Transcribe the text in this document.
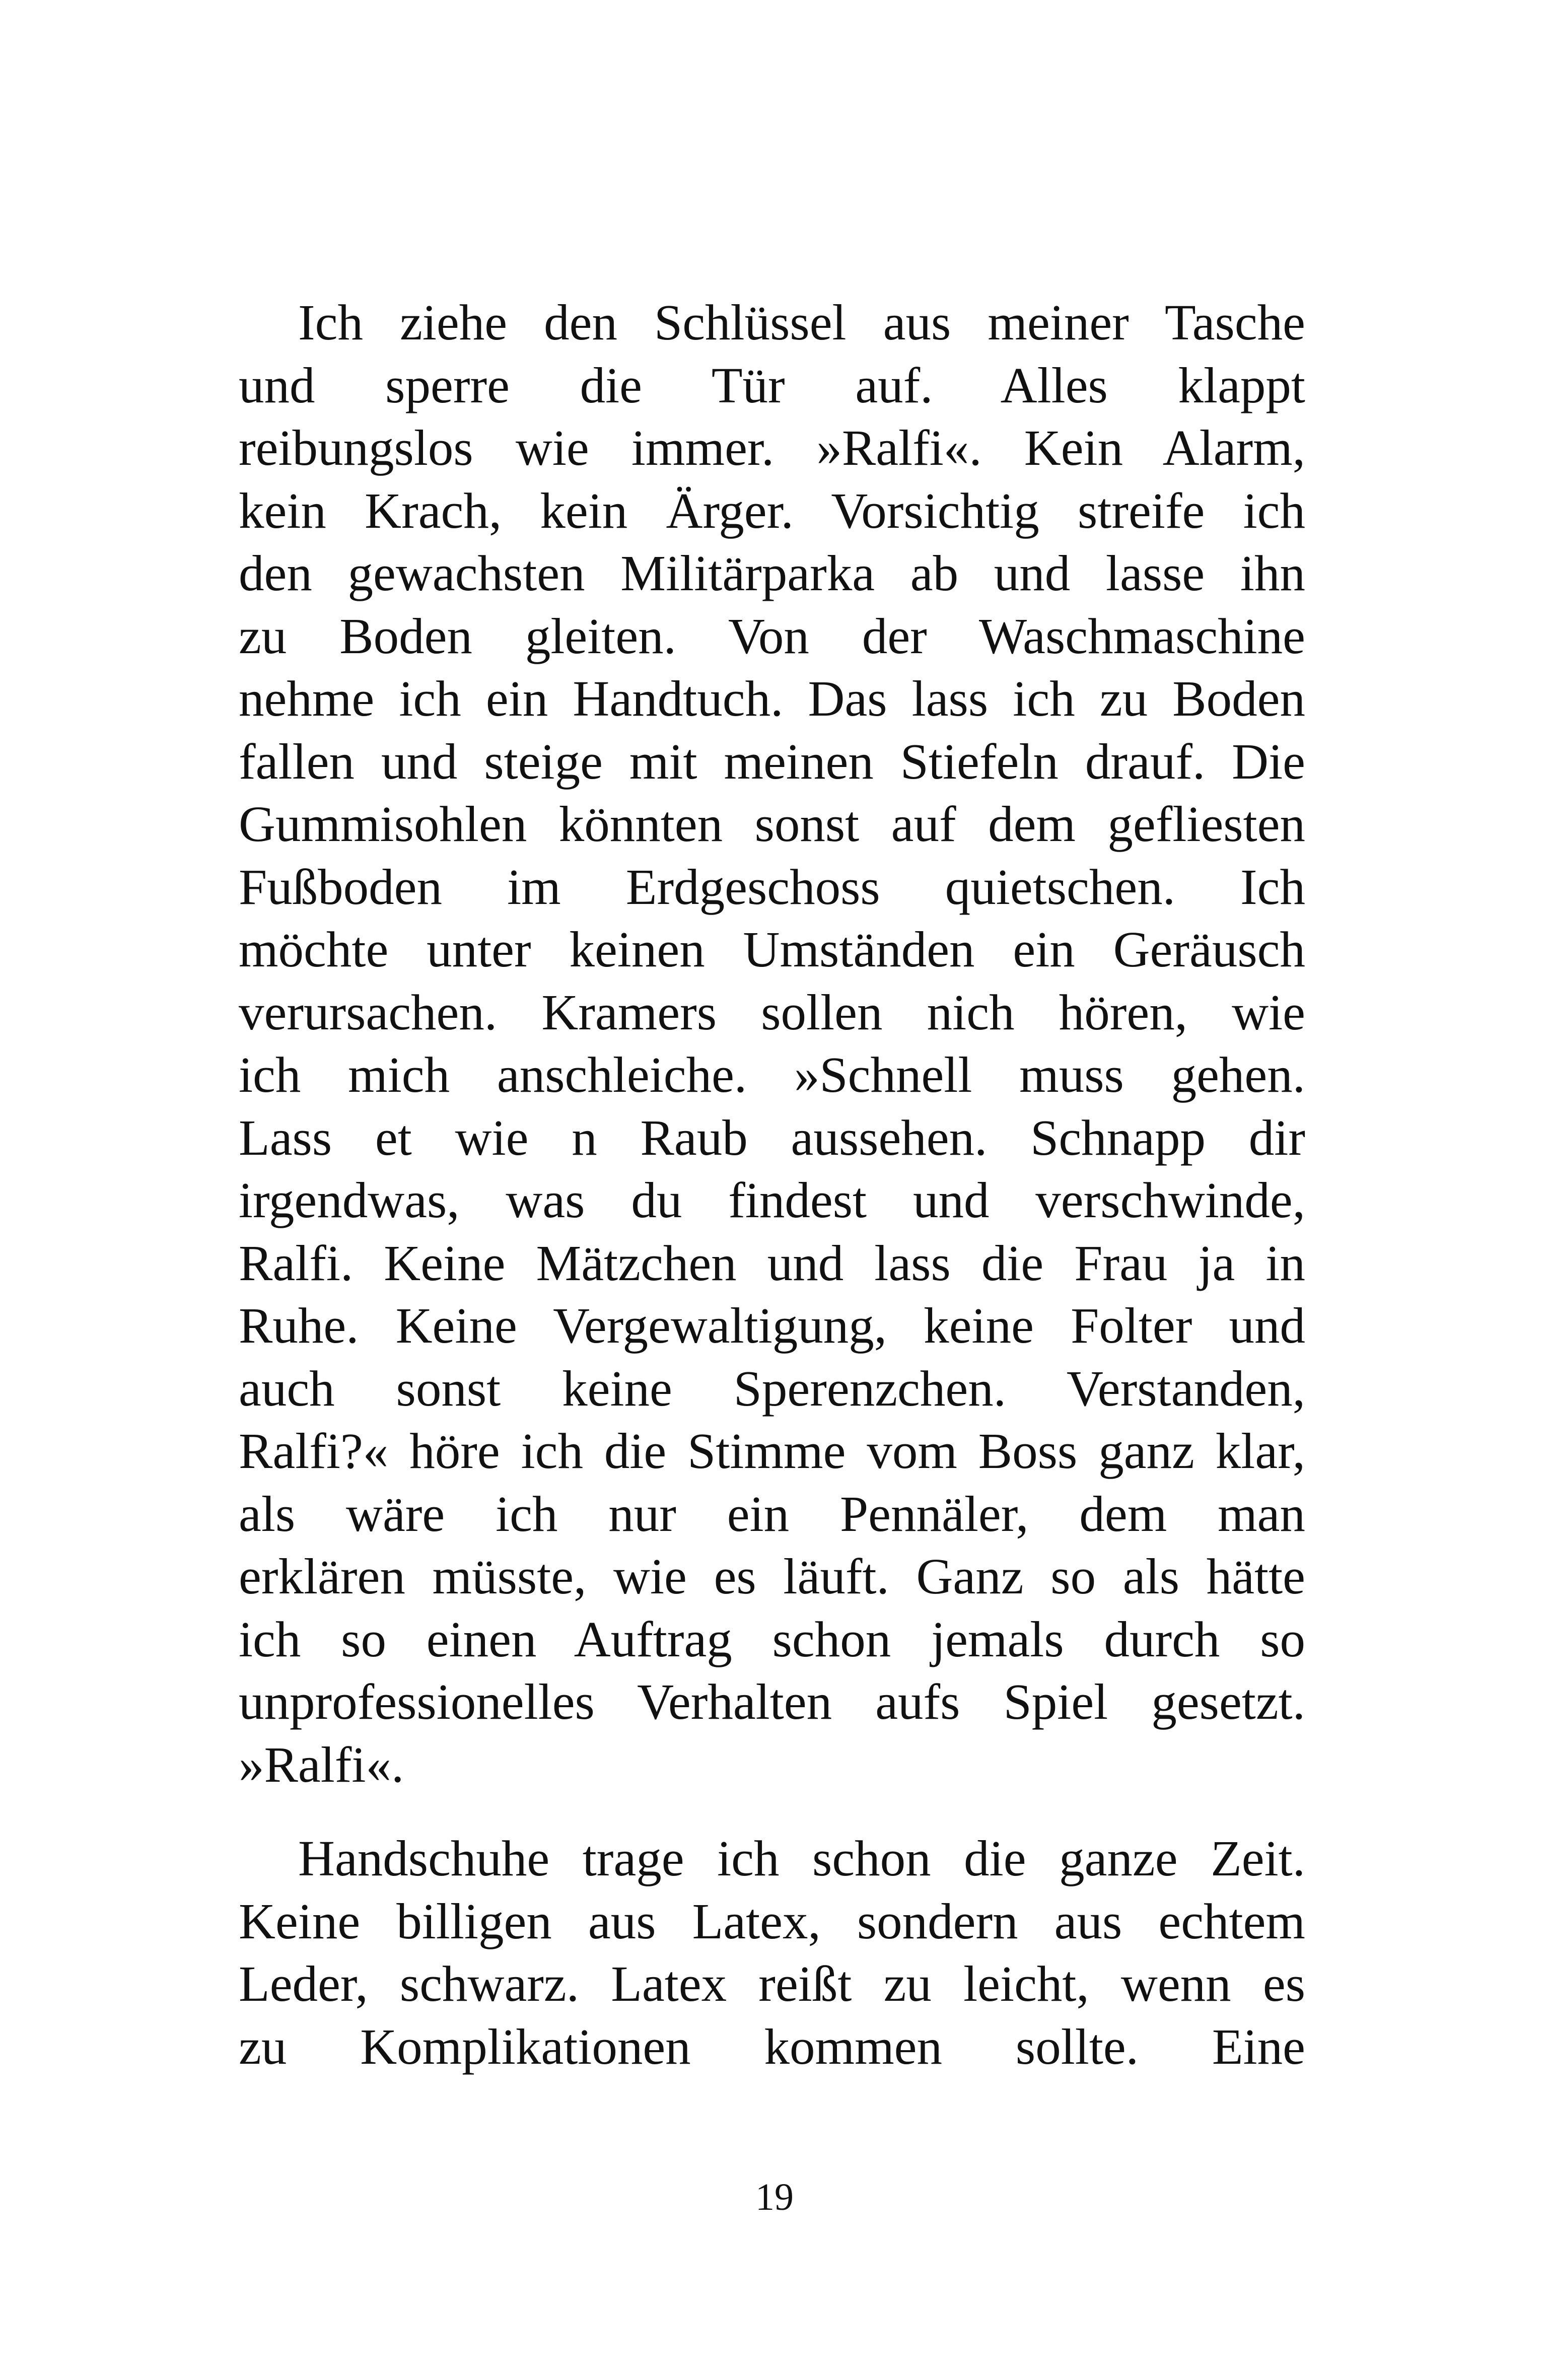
Ich ziehe den Schlüssel aus meiner Tasche
und sperre die Tür auf. Alles klappt
reibungslos wie immer. »Ralfi«. Kein Alarm,
kein Krach, kein Ärger. Vorsichtig streife ich
den gewachsten Militärparka ab und lasse ihn
zu Boden gleiten. Von der Waschmaschine
nehme ich ein Handtuch. Das lass ich zu Boden
fallen und steige mit meinen Stiefeln drauf. Die
Gummisohlen könnten sonst auf dem gefliesten
Fußboden im Erdgeschoss quietschen. Ich
möchte unter keinen Umständen ein Geräusch
verursachen. Kramers sollen nich hören, wie
ich mich anschleiche. »Schnell muss gehen.
Lass et wie n Raub aussehen. Schnapp dir
irgendwas, was du findest und verschwinde,
Ralfi. Keine Mätzchen und lass die Frau ja in
Ruhe. Keine Vergewaltigung, keine Folter und
auch sonst keine Sperenzchen. Verstanden,
Ralfi?« höre ich die Stimme vom Boss ganz klar,
als wäre ich nur ein Pennäler, dem man
erklären müsste, wie es läuft. Ganz so als hätte
ich so einen Auftrag schon jemals durch so
unprofessionelles Verhalten aufs Spiel gesetzt.
»Ralfi«.
Handschuhe trage ich schon die ganze Zeit.
Keine billigen aus Latex, sondern aus echtem
Leder, schwarz. Latex reißt zu leicht, wenn es
zu Komplikationen kommen sollte. Eine
19
